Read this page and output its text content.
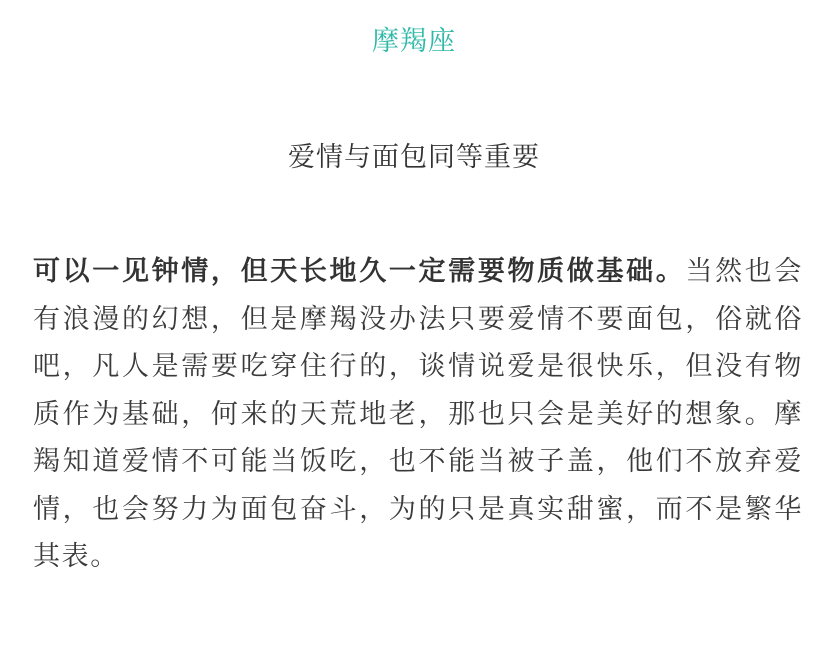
摩羯座
爱情与面包同等重要

可以一见钟情，但天长地久一定需要物质做基础。当然也会有浪漫的幻想，但是摩羯没办法只要爱情不要面包，俗就俗吧，凡人是需要吃穿住行的，谈情说爱是很快乐，但没有物质作为基础，何来的天荒地老，那也只会是美好的想象。摩羯知道爱情不可能当饭吃，也不能当被子盖，他们不放弃爱情，也会努力为面包奋斗，为的只是真实甜蜜，而不是繁华其表。
